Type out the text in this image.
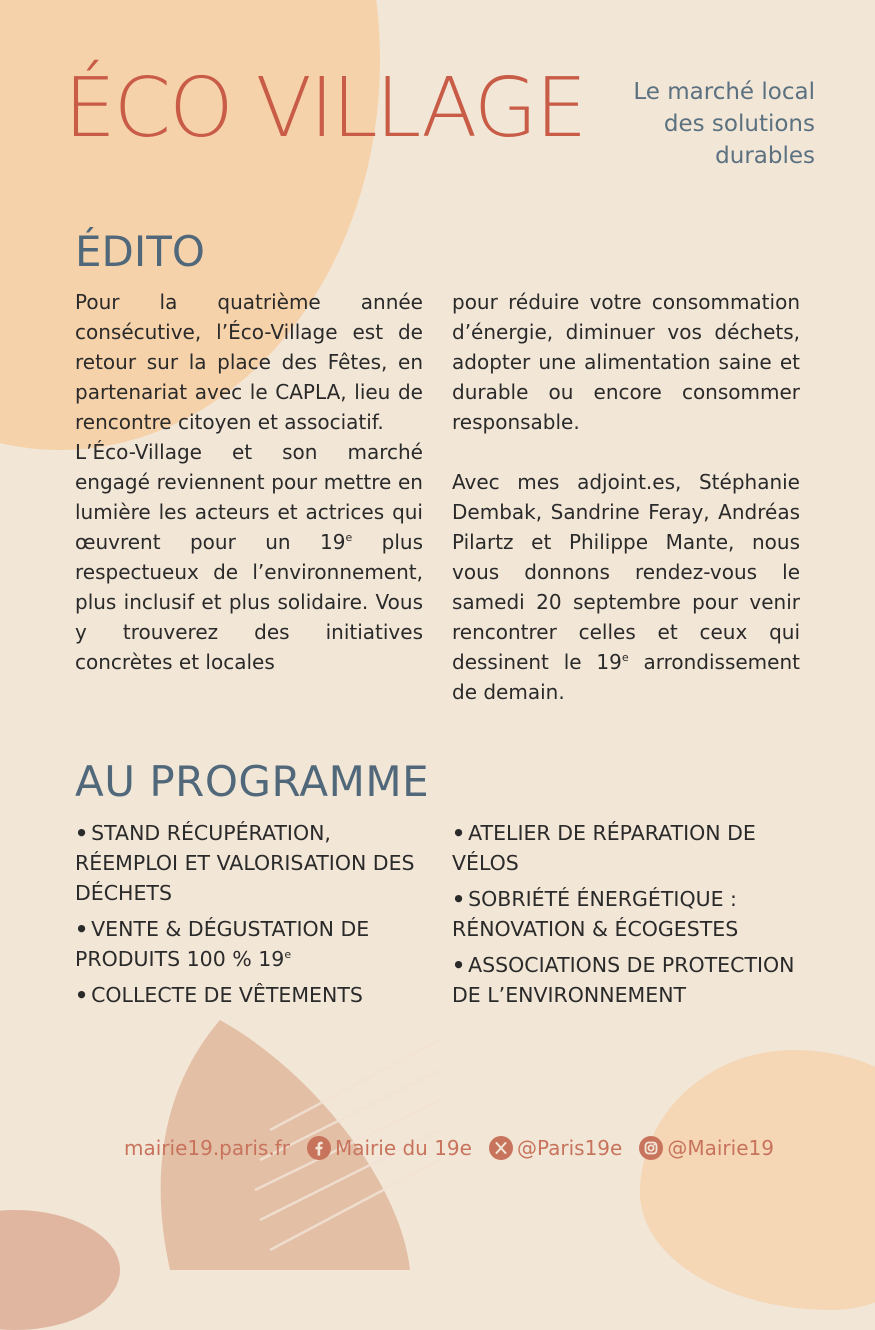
ÉCO VILLAGE	Le marché local
des solutions
durables
ÉDITO

Pour la quatrième année consécutive, l’Éco-Village est de retour sur la place des Fêtes, en partenariat avec le CAPLA, lieu de rencontre citoyen et associatif.

L’Éco-Village et son marché engagé reviennent pour mettre en lumière les acteurs et actrices qui œuvrent pour un 19e plus respectueux de l’environnement, plus inclusif et plus solidaire. Vous y trouverez des initiatives concrètes et locales

pour réduire votre consommation d’énergie, diminuer vos déchets, adopter une alimentation saine et durable ou encore consommer responsable.

Avec mes adjoint.es, Stéphanie Dembak, Sandrine Feray, Andréas Pilartz et Philippe Mante, nous vous donnons rendez-vous le samedi 20 septembre pour venir rencontrer celles et ceux qui dessinent le 19e arrondissement de demain.

AU PROGRAMME
• STAND RÉCUPÉRATION, RÉEMPLOI ET VALORISATION DES DÉCHETS
• VENTE & DÉGUSTATION DE PRODUITS 100 % 19e
• COLLECTE DE VÊTEMENTS
• ATELIER DE RÉPARATION DE VÉLOS
• SOBRIÉTÉ ÉNERGÉTIQUE : RÉNOVATION & ÉCOGESTES
• ASSOCIATIONS DE PROTECTION DE L’ENVIRONNEMENT
mairie19.paris.fr Mairie du 19e @Paris19e @Mairie19
